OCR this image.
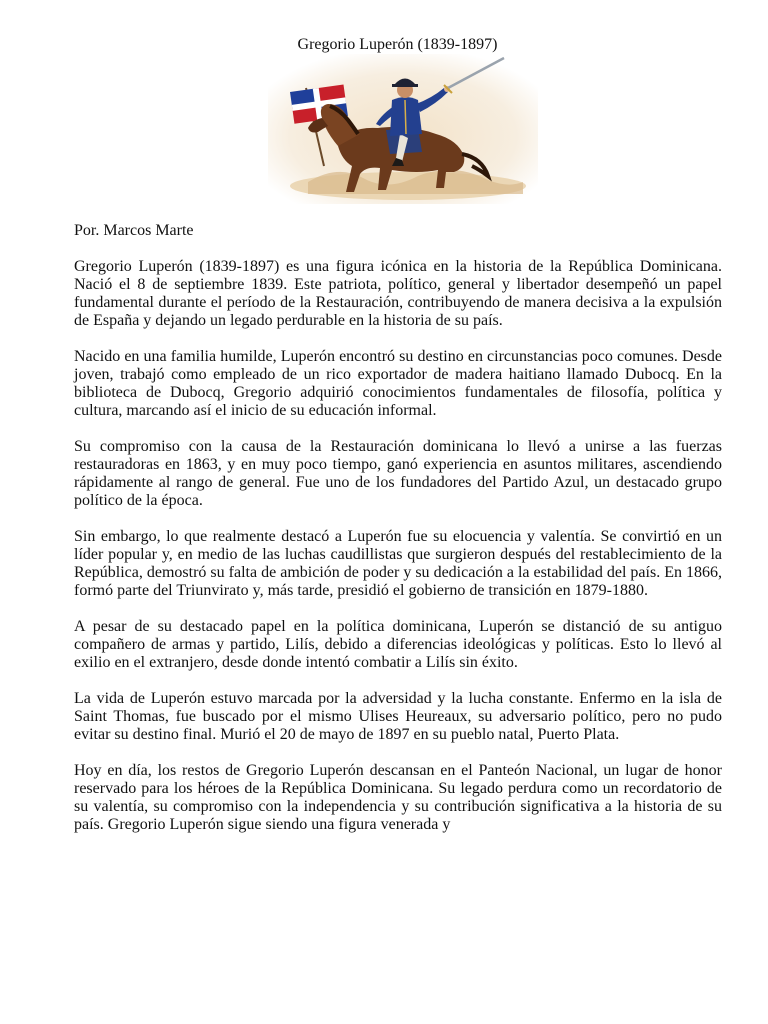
Gregorio Luperón (1839-1897)
Por. Marcos Marte

Gregorio Luperón (1839-1897) es una figura icónica en la historia de la República Dominicana. Nació el 8 de septiembre 1839. Este patriota, político, general y libertador desempeñó un papel fundamental durante el período de la Restauración, contribuyendo de manera decisiva a la expulsión de España y dejando un legado perdurable en la historia de su país.

Nacido en una familia humilde, Luperón encontró su destino en circunstancias poco comunes. Desde joven, trabajó como empleado de un rico exportador de madera haitiano llamado Dubocq. En la biblioteca de Dubocq, Gregorio adquirió conocimientos fundamentales de filosofía, política y cultura, marcando así el inicio de su educación informal.

Su compromiso con la causa de la Restauración dominicana lo llevó a unirse a las fuerzas restauradoras en 1863, y en muy poco tiempo, ganó experiencia en asuntos militares, ascendiendo rápidamente al rango de general. Fue uno de los fundadores del Partido Azul, un destacado grupo político de la época.

Sin embargo, lo que realmente destacó a Luperón fue su elocuencia y valentía. Se convirtió en un líder popular y, en medio de las luchas caudillistas que surgieron después del restablecimiento de la República, demostró su falta de ambición de poder y su dedicación a la estabilidad del país. En 1866, formó parte del Triunvirato y, más tarde, presidió el gobierno de transición en 1879-1880.

A pesar de su destacado papel en la política dominicana, Luperón se distanció de su antiguo compañero de armas y partido, Lilís, debido a diferencias ideológicas y políticas. Esto lo llevó al exilio en el extranjero, desde donde intentó combatir a Lilís sin éxito.

La vida de Luperón estuvo marcada por la adversidad y la lucha constante. Enfermo en la isla de Saint Thomas, fue buscado por el mismo Ulises Heureaux, su adversario político, pero no pudo evitar su destino final. Murió el 20 de mayo de 1897 en su pueblo natal, Puerto Plata.

Hoy en día, los restos de Gregorio Luperón descansan en el Panteón Nacional, un lugar de honor reservado para los héroes de la República Dominicana. Su legado perdura como un recordatorio de su valentía, su compromiso con la independencia y su contribución significativa a la historia de su país. Gregorio Luperón sigue siendo una figura venerada y
